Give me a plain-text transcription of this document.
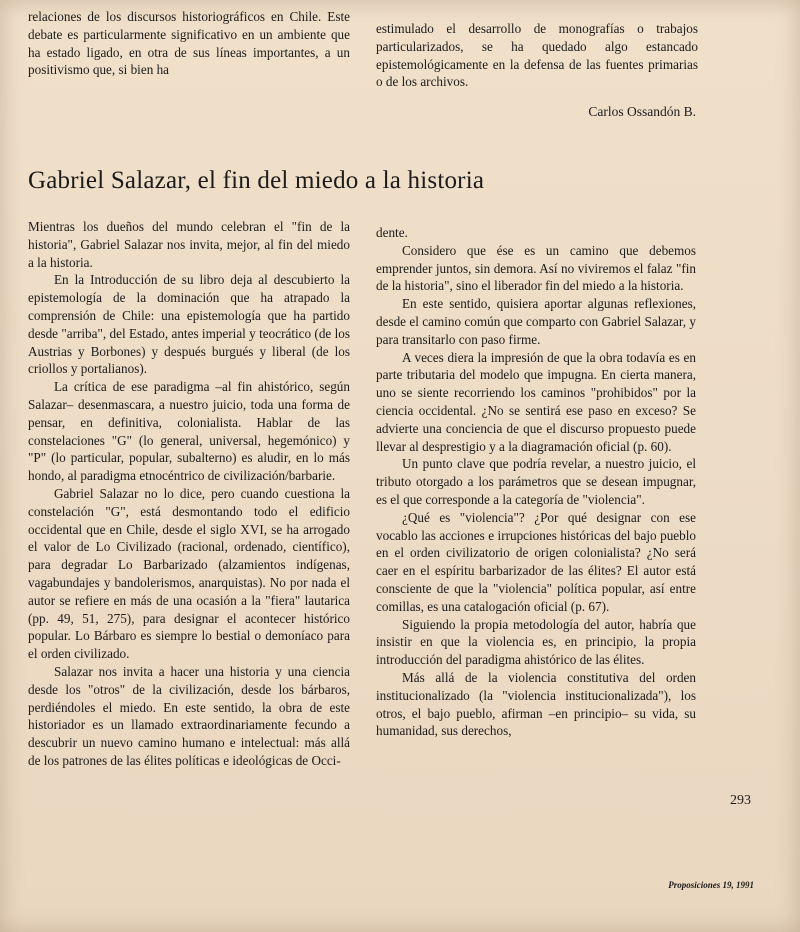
relaciones de los discursos historiográficos en Chile. Este debate es particularmente significativo en un ambiente que ha estado ligado, en otra de sus líneas importantes, a un positivismo que, si bien ha

estimulado el desarrollo de monografías o trabajos particularizados, se ha quedado algo estancado epistemológicamente en la defensa de las fuentes primarias o de los archivos.

Carlos Ossandón B.
Gabriel Salazar, el fin del miedo a la historia

Mientras los dueños del mundo celebran el "fin de la historia", Gabriel Salazar nos invita, mejor, al fin del miedo a la historia.

En la Introducción de su libro deja al descubierto la epistemología de la dominación que ha atrapado la comprensión de Chile: una epistemología que ha partido desde "arriba", del Estado, antes imperial y teocrático (de los Austrias y Borbones) y después burgués y liberal (de los criollos y portalianos).

La crítica de ese paradigma –al fin ahistórico, según Salazar– desenmascara, a nuestro juicio, toda una forma de pensar, en definitiva, colonialista. Hablar de las constelaciones "G" (lo general, universal, hegemónico) y "P" (lo particular, popular, subalterno) es aludir, en lo más hondo, al paradigma etnocéntrico de civilización/barbarie.

Gabriel Salazar no lo dice, pero cuando cuestiona la constelación "G", está desmontando todo el edificio occidental que en Chile, desde el siglo XVI, se ha arrogado el valor de Lo Civilizado (racional, ordenado, científico), para degradar Lo Barbarizado (alzamientos indígenas, vagabundajes y bandolerismos, anarquistas). No por nada el autor se refiere en más de una ocasión a la "fiera" lautarica (pp. 49, 51, 275), para designar el acontecer histórico popular. Lo Bárbaro es siempre lo bestial o demoníaco para el orden civilizado.

Salazar nos invita a hacer una historia y una ciencia desde los "otros" de la civilización, desde los bárbaros, perdiéndoles el miedo. En este sentido, la obra de este historiador es un llamado extraordinariamente fecundo a descubrir un nuevo camino humano e intelectual: más allá de los patrones de las élites políticas e ideológicas de Occi-

dente.

Considero que ése es un camino que debemos emprender juntos, sin demora. Así no viviremos el falaz "fin de la historia", sino el liberador fin del miedo a la historia.

En este sentido, quisiera aportar algunas reflexiones, desde el camino común que comparto con Gabriel Salazar, y para transitarlo con paso firme.

A veces diera la impresión de que la obra todavía es en parte tributaria del modelo que impugna. En cierta manera, uno se siente recorriendo los caminos "prohibidos" por la ciencia occidental. ¿No se sentirá ese paso en exceso? Se advierte una conciencia de que el discurso propuesto puede llevar al desprestigio y a la diagramación oficial (p. 60).

Un punto clave que podría revelar, a nuestro juicio, el tributo otorgado a los parámetros que se desean impugnar, es el que corresponde a la categoría de "violencia".

¿Qué es "violencia"? ¿Por qué designar con ese vocablo las acciones e irrupciones históricas del bajo pueblo en el orden civilizatorio de origen colonialista? ¿No será caer en el espíritu barbarizador de las élites? El autor está consciente de que la "violencia" política popular, así entre comillas, es una catalogación oficial (p. 67).

Siguiendo la propia metodología del autor, habría que insistir en que la violencia es, en principio, la propia introducción del paradigma ahistórico de las élites.

Más allá de la violencia constitutiva del orden institucionalizado (la "violencia institucionalizada"), los otros, el bajo pueblo, afirman –en principio– su vida, su humanidad, sus derechos,

293
Proposiciones 19, 1991
